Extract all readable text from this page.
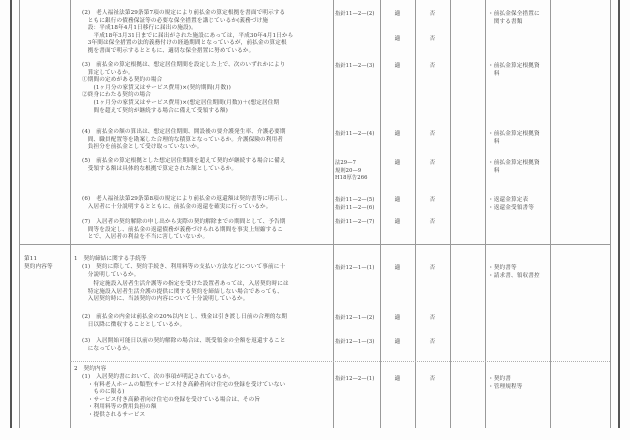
(2)　老人福祉法第29条第7項の規定により前払金の算定根拠を書面で明示する
　ともに銀行の債務保証等の必要な保全措置を講じているか(義務づけ施
　設：平成18年4月1日移行に届出の施設)。
　　平成18年3月31日までに届出がされた施設にあっては，平成30年4月1日から
　3年間は保全措置の法的義務付けの経過期間となっているが，前払金の算定根
　拠を書面で明示するとともに、適切な保全措置に努めているか。
指針11—2—(2)	適	否
適	否
・前払金保全措置に
　関する書類
(3)　前払金の算定根拠は、想定居住期間を設定した上で、次のいずれかにより
　算定しているか。
①期間の定めがある契約の場合
　　(1ヶ月分の家賃又はサービス費用)×(契約期間(月数))
②終身にわたる契約の場合
　　(1ヶ月分の家賃又はサービス費用)×(想定居住期間(月数))＋(想定居住期
　　間を超えて契約が継続する場合に備えて受領する額)
指針11—2—(3)	適	否	・前払金算定根拠資
　料
(4)　前払金の額の算出は、想定居住期間、開設後の要介護発生率、介護必要期
　間、職員配置等を勘案した合理的な積算となっているか。介護保険の利用者
　負担分を前払金として受け取っていないか。
指針11—2—(4)	適	否	・前払金算定根拠資
　料
(5)　前払金の算定根拠とした想定居住期間を超えて契約が継続する場合に備え
　受領する額は具体的な根拠で算定された額としているか。
法29—7
規則20—9
H18厚告266
適	否	・前払金算定根拠資
　料
(6)　老人福祉法第29条第8項の規定により前払金の返還額は契約書等に明示し、
　入居者に十分説明するとともに、前払金の返還を確実に行っているか。
指針11—2—(5)
指針11—2—(6)
適	否	・返還金算定表
・返還金受領書等
(7)　入居者の契約解除の申し出から実際の契約解除までの期間として、予告期
　間等を設定し、前払金の返還債務が義務づけられる期間を事実上短縮するこ
　とで、入居者の利益を不当に害していないか。
指針11—2—(7)	適	否
第11
契約内容等
1　契約締結に関する手続等
(1)　契約に際して、契約手続き、利用料等の支払い方法などについて事前に十
　分説明しているか。
　　特定施設入居者生活介護等の指定を受けた設置者あっては，入居契約時には
　特定施設入居者生活介護の提供に関する契約を締結しない場合であっても、
　入居契約時に、当該契約の内容について十分説明しているか。
指針12—1—(1)	適	否	・契約書等
・請求書、領収書控
(2)　前払金の内金は前払金の20%以内とし、残金は引き渡し日前の合理的な期
　日以降に徴収することとしているか。
指針12—1—(2)	適	否
(3)　入居開始可能日以前の契約解除の場合は、既受領金の全額を返還すること
　になっているか。
指針12—1—(3)	適	否
2　契約内容
(1)　入居契約書において、次の事項が明記されているか。
　・有料老人ホームの類型(サービス付き高齢者向け住宅の登録を受けていない
　　ものに限る)
　・サービス付き高齢者向け住宅の登録を受けている場合は、その旨
　・利用料等の費用負担の額
　・提供されるサービス
指針12—2—(1)	適	否	・契約書
・管理規程等
